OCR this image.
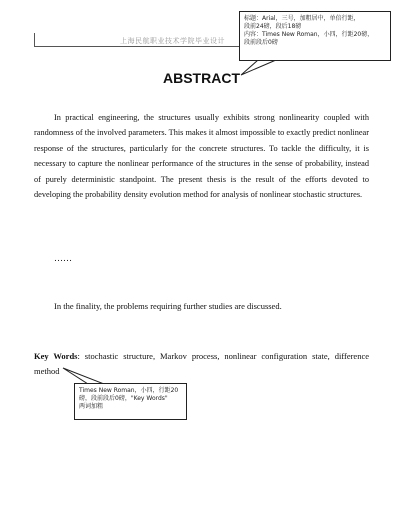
上海民航职业技术学院毕业设计
标题：Arial，三号，加粗居中，单倍行距，
段前24磅，段后18磅
内容：Times New Roman，小四，行距20磅，
段前段后0磅
ABSTRACT
In practical engineering, the structures usually exhibits strong nonlinearity coupled with randomness of the involved parameters. This makes it almost impossible to exactly predict nonlinear response of the structures, particularly for the concrete structures. To tackle the difficulty, it is necessary to capture the nonlinear performance of the structures in the sense of probability, instead of purely deterministic standpoint. The present thesis is the result of the efforts devoted to developing the probability density evolution method for analysis of nonlinear stochastic structures.
……
In the finality, the problems requiring further studies are discussed.
Key Words: stochastic structure, Markov process, nonlinear configuration state, difference method
Times New Roman，小四，行距20
磅，段前段后0磅，"Key Words"
两词加粗
